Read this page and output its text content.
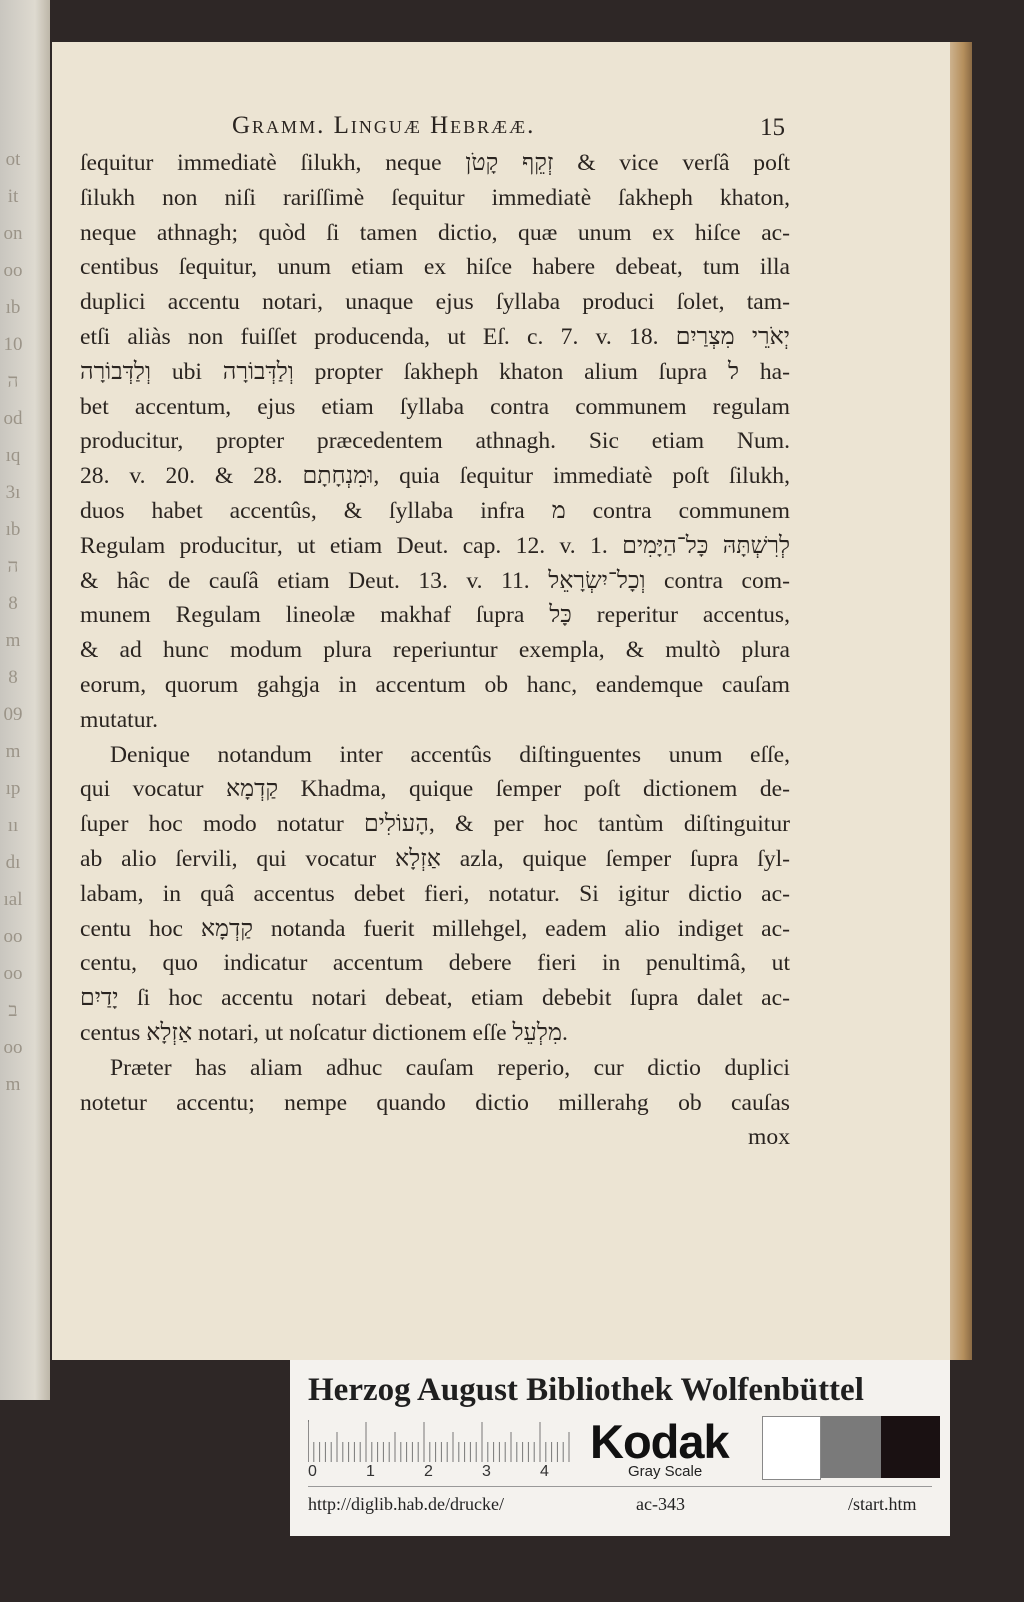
ot
it
on
oo
ıb
10
ה
od
ıq
3ı
ıb
ה
8
m
8
09
m
ıp
ıı
dı
ıal
oo
oo
ב
oo
m
Gramm. Linguæ Hebrææ.	15
ſequitur immediatè ſilukh, neque זְקֵף קָטֹן & vice verſâ poſt
ſilukh non niſi rariſſimè ſequitur immediatè ſakheph khaton,
neque athnagh; quòd ſi tamen dictio, quæ unum ex hiſce ac-
centibus ſequitur, unum etiam ex hiſce habere debeat, tum illa
duplici accentu notari, unaque ejus ſyllaba produci ſolet, tam-
etſi aliàs non fuiſſet producenda, ut Eſ. c. 7. v. 18. יְאֹרֵי מִצְרַיִם
וְלַדְּבוֹרָה ubi וְלַדְּבוֹרָה propter ſakheph khaton alium ſupra ל ha-
bet accentum, ejus etiam ſyllaba contra communem regulam
producitur, propter præcedentem athnagh. Sic etiam Num.
28. v. 20. & 28. וּמִנְחָתָם, quia ſequitur immediatè poſt ſilukh,
duos habet accentûs, & ſyllaba infra מ contra communem
Regulam producitur, ut etiam Deut. cap. 12. v. 1. לְרִשְׁתָּהּ כָּל־הַיָּמִים
& hâc de cauſâ etiam Deut. 13. v. 11. וְכָל־יִשְׂרָאֵל contra com-
munem Regulam lineolæ makhaf ſupra כָּל reperitur accentus,
& ad hunc modum plura reperiuntur exempla, & multò plura
eorum, quorum gahgja in accentum ob hanc, eandemque cauſam
mutatur.
Denique notandum inter accentûs diſtinguentes unum eſſe,
qui vocatur קַדְמָא Khadma, quique ſemper poſt dictionem de-
ſuper hoc modo notatur הָעוֹלִים, & per hoc tantùm diſtinguitur
ab alio ſervili, qui vocatur אַזְלָא azla, quique ſemper ſupra ſyl-
labam, in quâ accentus debet fieri, notatur. Si igitur dictio ac-
centu hoc קַדְמָא notanda fuerit millehgel, eadem alio indiget ac-
centu, quo indicatur accentum debere fieri in penultimâ, ut
יָדַיִם ſi hoc accentu notari debeat, etiam debebit ſupra dalet ac-
centus אַזְלָא notari, ut noſcatur dictionem eſſe מִלְעֵל.
Præter has aliam adhuc cauſam reperio, cur dictio duplici
notetur accentu; nempe quando dictio millerahg ob cauſas
mox
Herzog August Bibliothek Wolfenbüttel
0	1	2	3	4
Kodak
Gray Scale
http://diglib.hab.de/drucke/	ac-343	/start.htm
